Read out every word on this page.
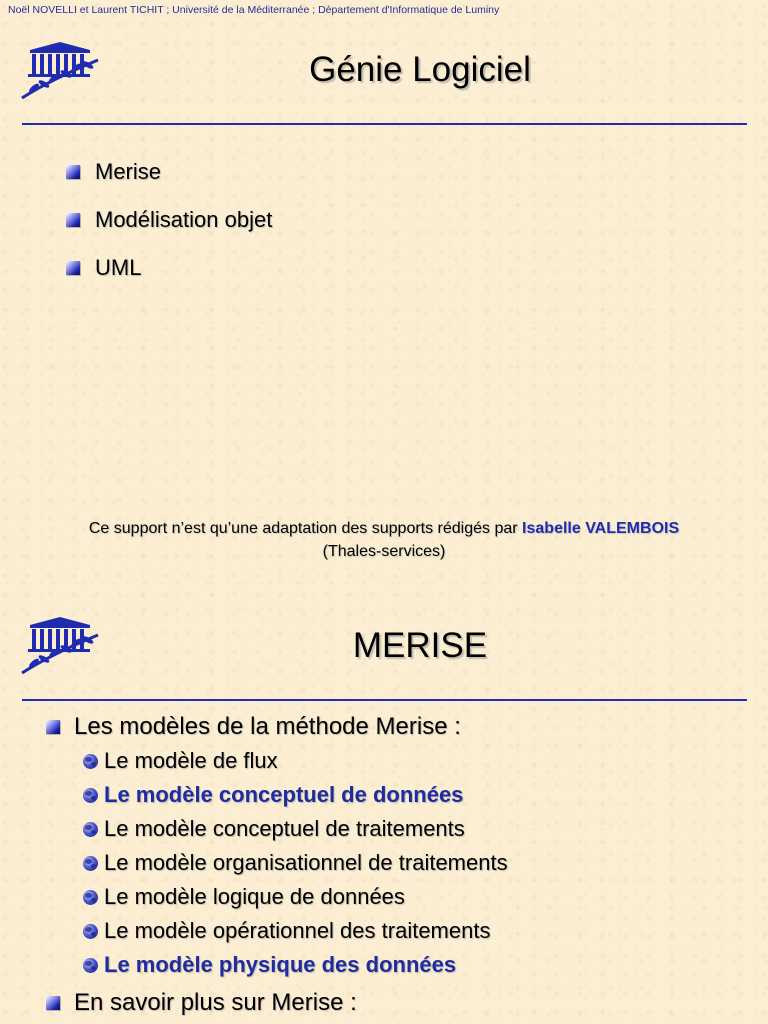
Noël NOVELLI et Laurent TICHIT ; Université de la Méditerranée ; Département d'Informatique de Luminy
Génie Logiciel
Merise
Modélisation objet
UML
Ce support n’est qu’une adaptation des supports rédigés par Isabelle VALEMBOIS
(Thales-services)
MERISE
Les modèles de la méthode Merise :
Le modèle de flux
Le modèle conceptuel de données
Le modèle conceptuel de traitements
Le modèle organisationnel de traitements
Le modèle logique de données
Le modèle opérationnel des traitements
Le modèle physique des données
En savoir plus sur Merise :
